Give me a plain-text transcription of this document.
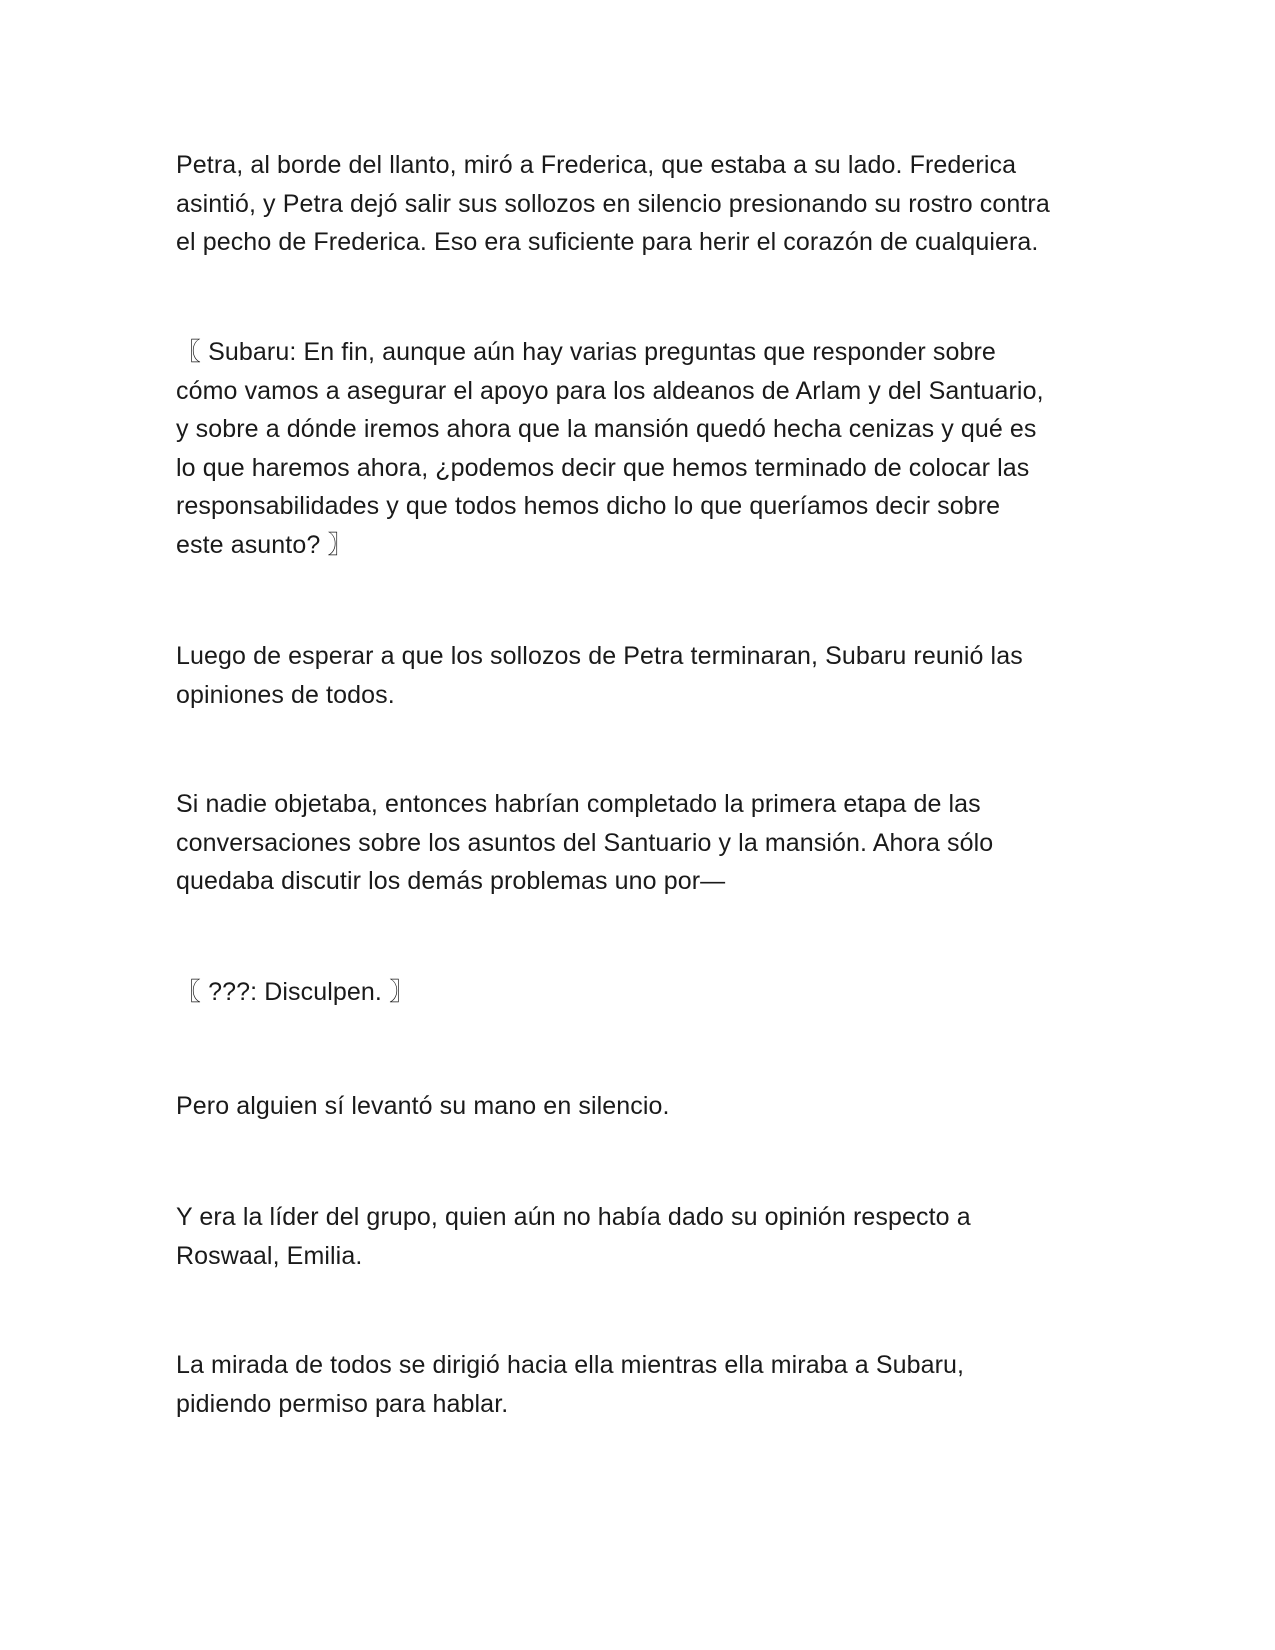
Petra, al borde del llanto, miró a Frederica, que estaba a su lado. Frederica
asintió, y Petra dejó salir sus sollozos en silencio presionando su rostro contra
el pecho de Frederica. Eso era suficiente para herir el corazón de cualquiera.

〖 Subaru: En fin, aunque aún hay varias preguntas que responder sobre
cómo vamos a asegurar el apoyo para los aldeanos de Arlam y del Santuario,
y sobre a dónde iremos ahora que la mansión quedó hecha cenizas y qué es
lo que haremos ahora, ¿podemos decir que hemos terminado de colocar las
responsabilidades y que todos hemos dicho lo que queríamos decir sobre
este asunto? 〗

Luego de esperar a que los sollozos de Petra terminaran, Subaru reunió las
opiniones de todos.

Si nadie objetaba, entonces habrían completado la primera etapa de las
conversaciones sobre los asuntos del Santuario y la mansión. Ahora sólo
quedaba discutir los demás problemas uno por—

〖 ???: Disculpen. 〗

Pero alguien sí levantó su mano en silencio.

Y era la líder del grupo, quien aún no había dado su opinión respecto a
Roswaal, Emilia.

La mirada de todos se dirigió hacia ella mientras ella miraba a Subaru,
pidiendo permiso para hablar.
